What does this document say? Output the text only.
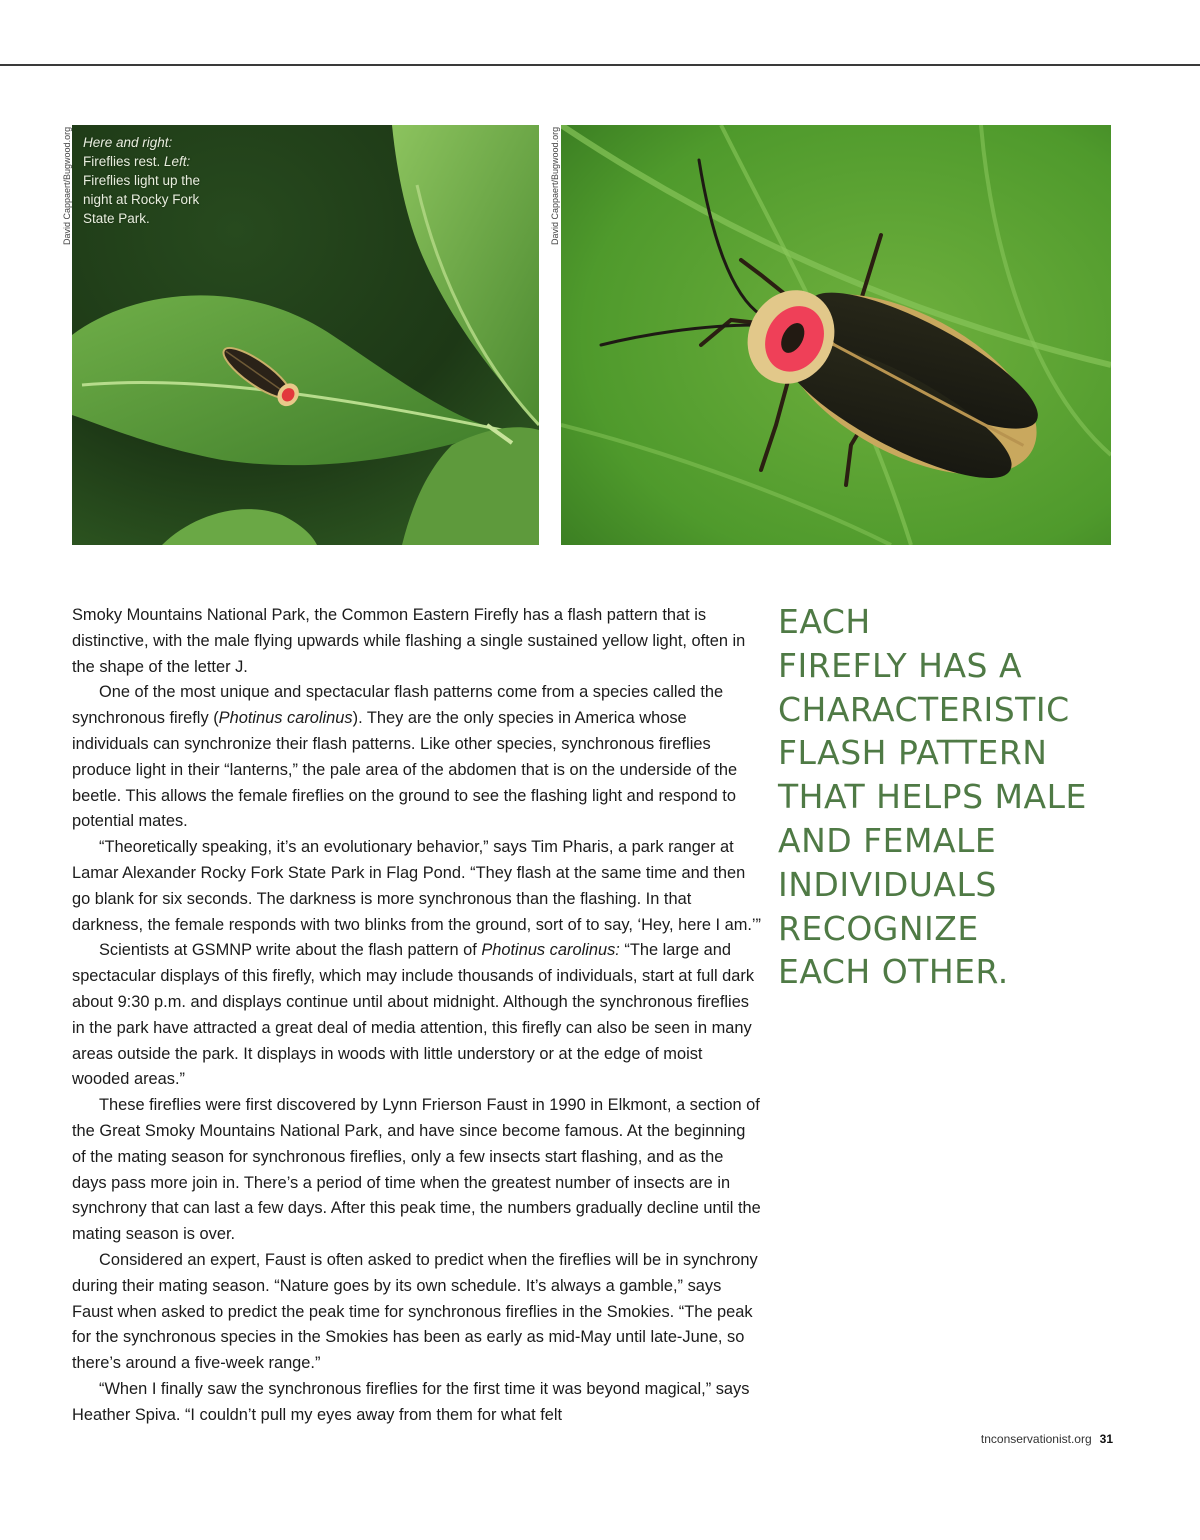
David Cappaert/Bugwood.org Here and right: Fireflies rest. Left: Fireflies light up the night at Rocky Fork State Park.	David Cappaert/Bugwood.org

Smoky Mountains National Park, the Common Eastern Firefly has a flash pattern that is distinctive, with the male flying upwards while flashing a single sustained yellow light, often in the shape of the letter J.

One of the most unique and spectacular flash patterns come from a species called the synchronous firefly (Photinus carolinus). They are the only species in America whose individuals can synchronize their flash patterns. Like other species, synchronous fireflies produce light in their “lanterns,” the pale area of the abdomen that is on the underside of the beetle. This allows the female fireflies on the ground to see the flashing light and respond to potential mates.

“Theoretically speaking, it’s an evolutionary behavior,” says Tim Pharis, a park ranger at Lamar Alexander Rocky Fork State Park in Flag Pond. “They flash at the same time and then go blank for six seconds. The darkness is more synchronous than the flashing. In that darkness, the female responds with two blinks from the ground, sort of to say, ‘Hey, here I am.’”

Scientists at GSMNP write about the flash pattern of Photinus carolinus: “The large and spectacular displays of this firefly, which may include thousands of individuals, start at full dark about 9:30 p.m. and displays continue until about midnight. Although the synchronous fireflies in the park have attracted a great deal of media attention, this firefly can also be seen in many areas outside the park. It displays in woods with little understory or at the edge of moist wooded areas.”

These fireflies were first discovered by Lynn Frierson Faust in 1990 in Elkmont, a section of the Great Smoky Mountains National Park, and have since become famous. At the beginning of the mating season for synchronous fireflies, only a few insects start flashing, and as the days pass more join in. There’s a period of time when the greatest number of insects are in synchrony that can last a few days. After this peak time, the numbers gradually decline until the mating season is over.

Considered an expert, Faust is often asked to predict when the fireflies will be in synchrony during their mating season. “Nature goes by its own schedule. It’s always a gamble,” says Faust when asked to predict the peak time for synchronous fireflies in the Smokies. “The peak for the synchronous species in the Smokies has been as early as mid-May until late-June, so there’s around a five-week range.”

“When I finally saw the synchronous fireflies for the first time it was beyond magical,” says Heather Spiva. “I couldn’t pull my eyes away from them for what felt

EACH
FIREFLY HAS A
CHARACTERISTIC
FLASH PATTERN
THAT HELPS MALE
AND FEMALE
INDIVIDUALS
RECOGNIZE
EACH OTHER.
tnconservationist.org 31
